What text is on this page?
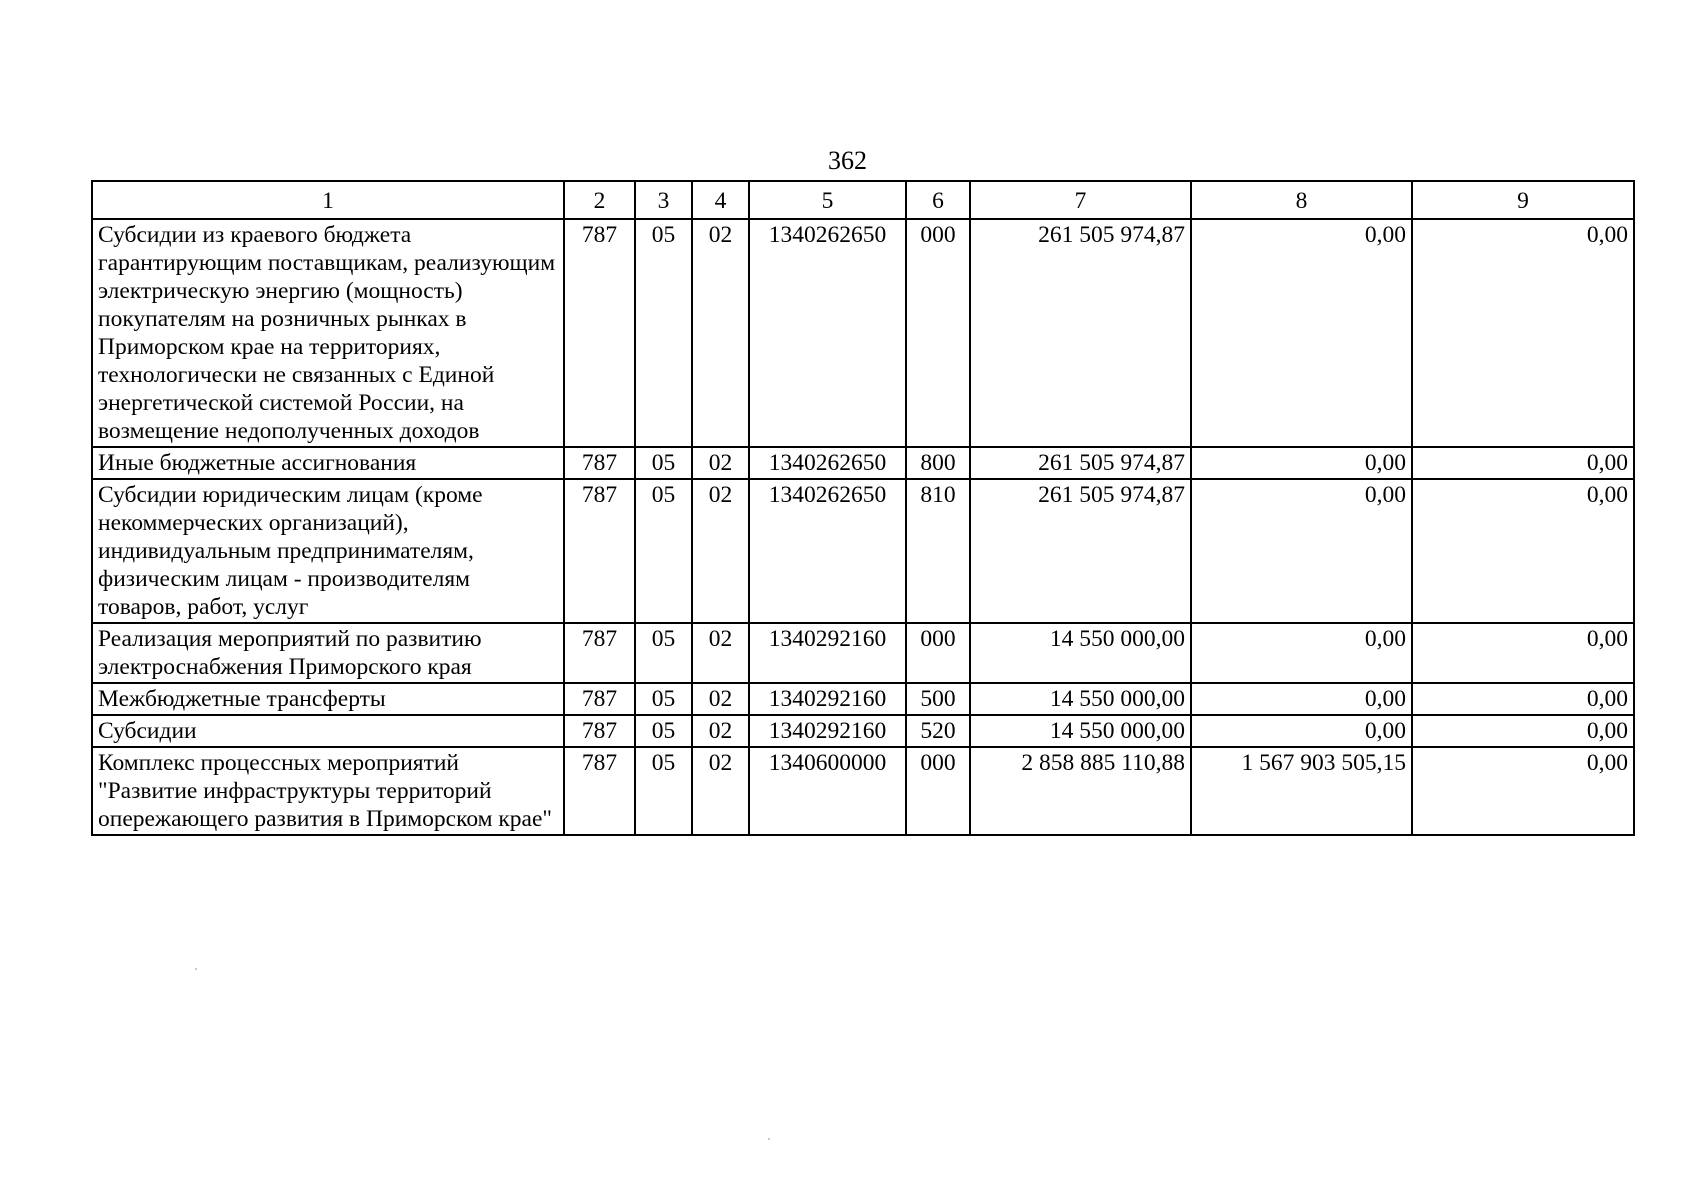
362
1	2	3	4	5	6	7	8	9
Субсидии из краевого бюджета гарантирующим поставщикам, реализующим электрическую энергию (мощность) покупателям на розничных рынках в Приморском крае на территориях, технологически не связанных с Единой энергетической системой России, на возмещение недополученных доходов	787	05	02	1340262650	000	261 505 974,87	0,00	0,00
Иные бюджетные ассигнования	787	05	02	1340262650	800	261 505 974,87	0,00	0,00
Субсидии юридическим лицам (кроме некоммерческих организаций), индивидуальным предпринимателям, физическим лицам - производителям товаров, работ, услуг	787	05	02	1340262650	810	261 505 974,87	0,00	0,00
Реализация мероприятий по развитию электроснабжения Приморского края	787	05	02	1340292160	000	14 550 000,00	0,00	0,00
Межбюджетные трансферты	787	05	02	1340292160	500	14 550 000,00	0,00	0,00
Субсидии	787	05	02	1340292160	520	14 550 000,00	0,00	0,00
Комплекс процессных мероприятий "Развитие инфраструктуры территорий опережающего развития в Приморском крае"	787	05	02	1340600000	000	2 858 885 110,88	1 567 903 505,15	0,00
